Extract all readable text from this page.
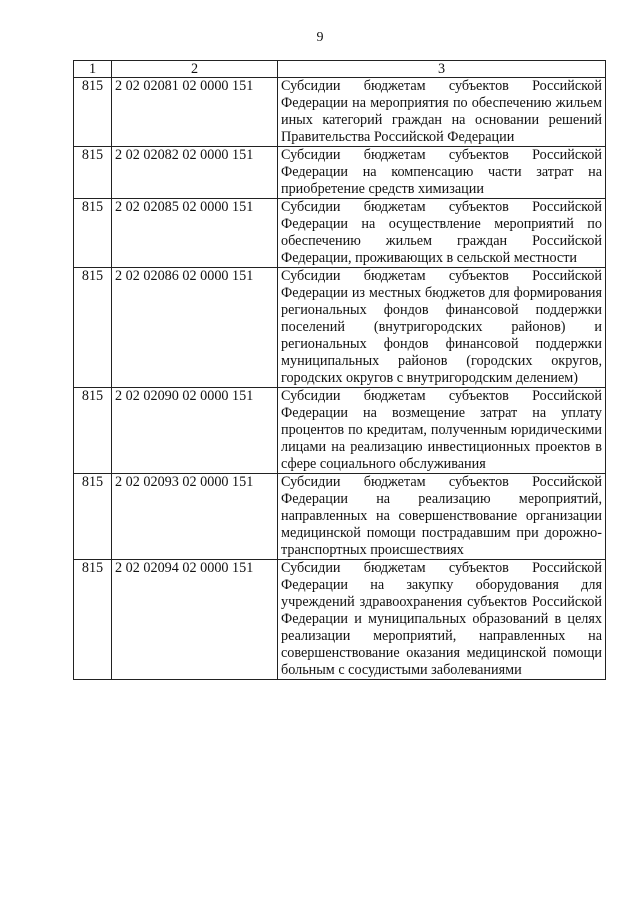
9
1	2	3
815	2 02 02081 02 0000 151	Субсидии бюджетам субъектов Российской Федерации на мероприятия по обеспечению жильем иных категорий граждан на основании решений Правительства Российской Федерации
815	2 02 02082 02 0000 151	Субсидии бюджетам субъектов Российской Федерации на компенсацию части затрат на приобретение средств химизации
815	2 02 02085 02 0000 151	Субсидии бюджетам субъектов Российской Федерации на осуществление мероприятий по обеспечению жильем граждан Российской Федерации, проживающих в сельской местности
815	2 02 02086 02 0000 151	Субсидии бюджетам субъектов Российской Федерации из местных бюджетов для формирования региональных фондов финансовой поддержки поселений (внутригородских районов) и региональных фондов финансовой поддержки муниципальных районов (городских округов, городских округов с внутригородским делением)
815	2 02 02090 02 0000 151	Субсидии бюджетам субъектов Российской Федерации на возмещение затрат на уплату процентов по кредитам, полученным юридическими лицами на реализацию инвестиционных проектов в сфере социального обслуживания
815	2 02 02093 02 0000 151	Субсидии бюджетам субъектов Российской Федерации на реализацию мероприятий, направленных на совершенствование организации медицинской помощи пострадавшим при дорожно-транспортных происшествиях
815	2 02 02094 02 0000 151	Субсидии бюджетам субъектов Российской Федерации на закупку оборудования для учреждений здравоохранения субъектов Российской Федерации и муниципальных образований в целях реализации мероприятий, направленных на совершенствование оказания медицинской помощи больным с сосудистыми заболеваниями
